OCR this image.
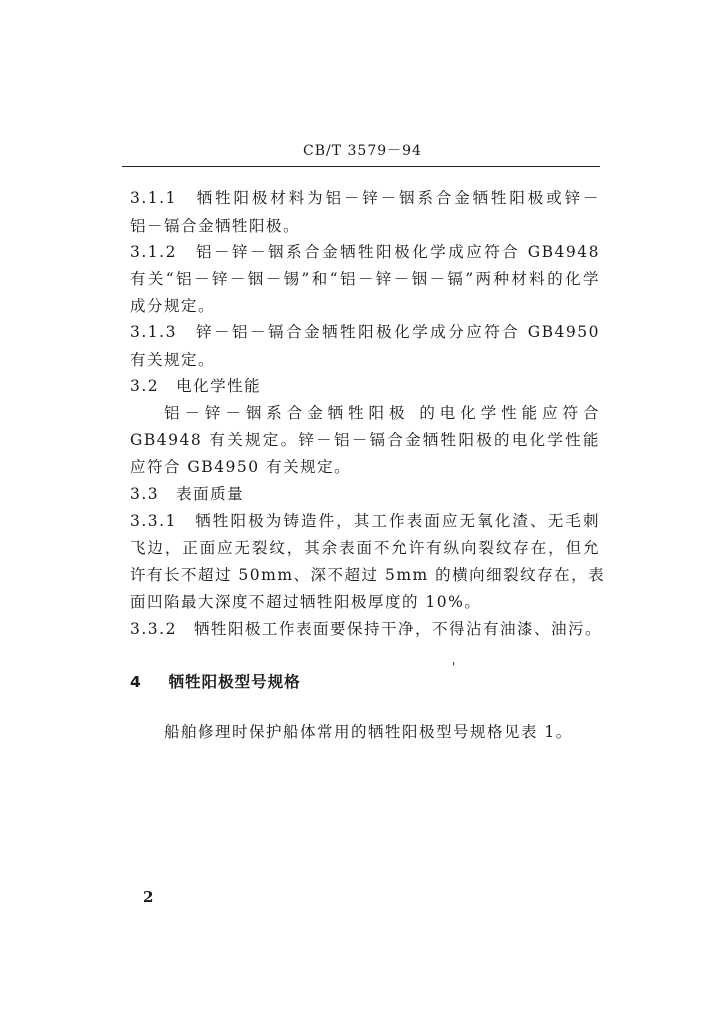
CB/T 3579－94
3.1.1　牺牲阳极材料为铝－锌－铟系合金牺牲阳极或锌－
铝－镉合金牺牲阳极。
3.1.2　铝－锌－铟系合金牺牲阳极化学成应符合 GB4948
有关“铝－锌－铟－锡”和“铝－锌－铟－镉”两种材料的化学
成分规定。
3.1.3　锌－铝－镉合金牺牲阳极化学成分应符合 GB4950
有关规定。
3.2　电化学性能
铝－锌－铟系合金牺牲阳极 的电化学性能应符合
GB4948 有关规定。锌－铝－镉合金牺牲阳极的电化学性能
应符合 GB4950 有关规定。
3.3　表面质量
3.3.1　牺牲阳极为铸造件，其工作表面应无氧化渣、无毛刺
飞边，正面应无裂纹，其余表面不允许有纵向裂纹存在，但允
许有长不超过 50mm、深不超过 5mm 的横向细裂纹存在，表
面凹陷最大深度不超过牺牲阳极厚度的 10%。
3.3.2　牺牲阳极工作表面要保持干净，不得沾有油漆、油污。
'
4 牺牲阳极型号规格
船舶修理时保护船体常用的牺牲阳极型号规格见表 1。
2
